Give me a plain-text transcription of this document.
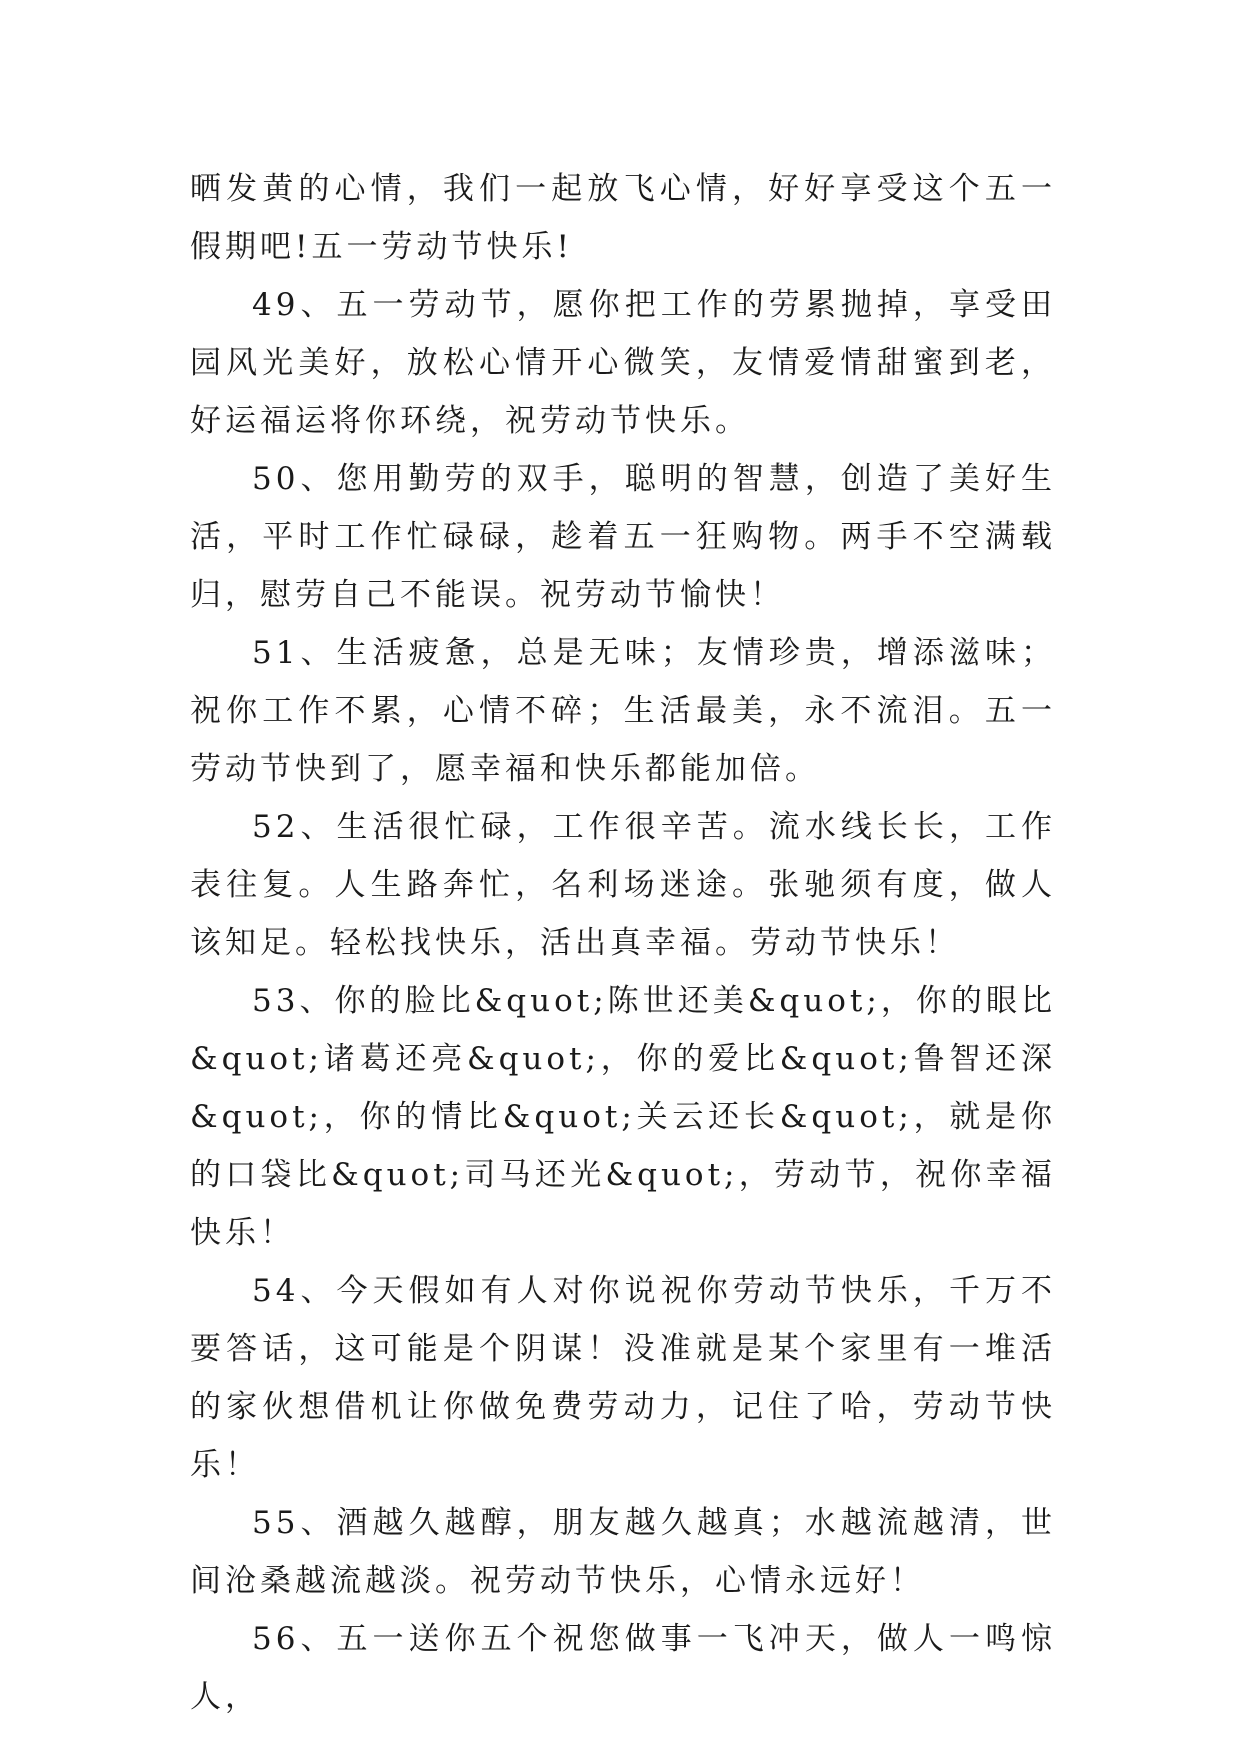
晒发黄的心情，我们一起放飞心情，好好享受这个五一假期吧!五一劳动节快乐!

49、五一劳动节，愿你把工作的劳累抛掉，享受田园风光美好，放松心情开心微笑，友情爱情甜蜜到老，好运福运将你环绕，祝劳动节快乐。

50、您用勤劳的双手，聪明的智慧，创造了美好生活，平时工作忙碌碌，趁着五一狂购物。两手不空满载归，慰劳自己不能误。祝劳动节愉快！

51、生活疲惫，总是无味；友情珍贵，增添滋味；祝你工作不累，心情不碎；生活最美，永不流泪。五一劳动节快到了，愿幸福和快乐都能加倍。

52、生活很忙碌，工作很辛苦。流水线长长，工作表往复。人生路奔忙，名利场迷途。张驰须有度，做人该知足。轻松找快乐，活出真幸福。劳动节快乐！

53、你的脸比&quot;陈世还美&quot;，你的眼比&quot;诸葛还亮&quot;，你的爱比&quot;鲁智还深&quot;，你的情比&quot;关云还长&quot;，就是你的口袋比&quot;司马还光&quot;，劳动节，祝你幸福快乐！

54、今天假如有人对你说祝你劳动节快乐，千万不要答话，这可能是个阴谋！没准就是某个家里有一堆活的家伙想借机让你做免费劳动力，记住了哈，劳动节快乐！

55、酒越久越醇，朋友越久越真；水越流越清，世间沧桑越流越淡。祝劳动节快乐，心情永远好！

56、五一送你五个祝您做事一飞冲天，做人一鸣惊人，
